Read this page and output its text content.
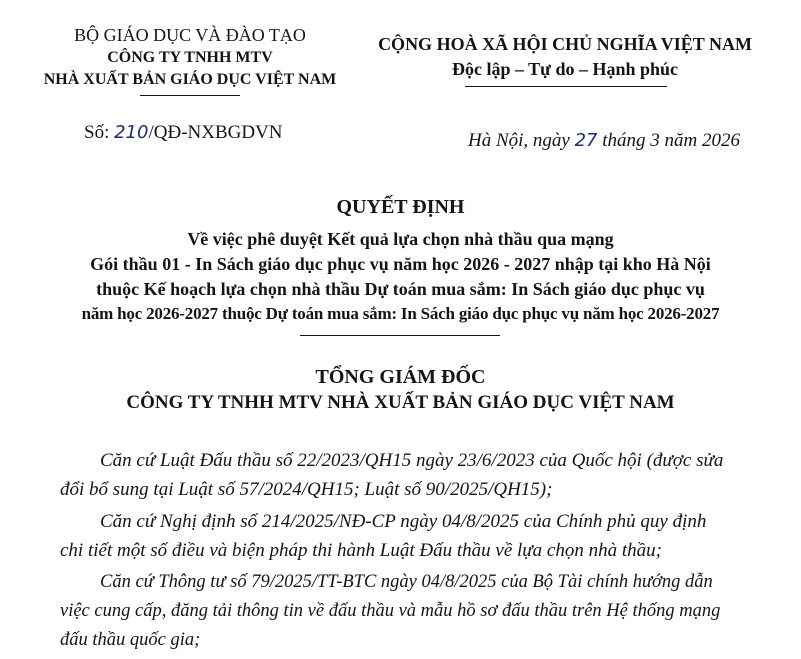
BỘ GIÁO DỤC VÀ ĐÀO TẠO
CÔNG TY TNHH MTV
NHÀ XUẤT BẢN GIÁO DỤC VIỆT NAM
Số: 210/QĐ-NXBGDVN
CỘNG HOÀ XÃ HỘI CHỦ NGHĨA VIỆT NAM
Độc lập – Tự do – Hạnh phúc
Hà Nội, ngày 27 tháng 3 năm 2026
QUYẾT ĐỊNH
Về việc phê duyệt Kết quả lựa chọn nhà thầu qua mạng
Gói thầu 01 - In Sách giáo dục phục vụ năm học 2026 - 2027 nhập tại kho Hà Nội
thuộc Kế hoạch lựa chọn nhà thầu Dự toán mua sắm: In Sách giáo dục phục vụ
năm học 2026-2027 thuộc Dự toán mua sắm: In Sách giáo dục phục vụ năm học 2026-2027
TỔNG GIÁM ĐỐC
CÔNG TY TNHH MTV NHÀ XUẤT BẢN GIÁO DỤC VIỆT NAM
Căn cứ Luật Đấu thầu số 22/2023/QH15 ngày 23/6/2023 của Quốc hội (được sửa
đổi bổ sung tại Luật số 57/2024/QH15; Luật số 90/2025/QH15);
Căn cứ Nghị định số 214/2025/NĐ-CP ngày 04/8/2025 của Chính phủ quy định
chi tiết một số điều và biện pháp thi hành Luật Đấu thầu về lựa chọn nhà thầu;
Căn cứ Thông tư số 79/2025/TT-BTC ngày 04/8/2025 của Bộ Tài chính hướng dẫn
việc cung cấp, đăng tải thông tin về đấu thầu và mẫu hồ sơ đấu thầu trên Hệ thống mạng
đấu thầu quốc gia;
